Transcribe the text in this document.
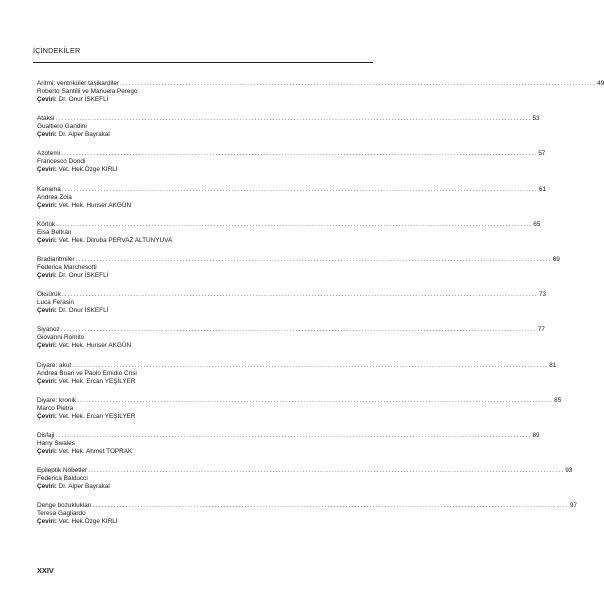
İÇİNDEKİLER
Aritmi: ventriküler taşikardiler ................................................................................................................................................................ 49
Roberto Santilli ve Manuela Perego
Çeviri: Dr. Onur İSKEFLİ
Ataksi ................................................................................................................................................................ 53
Gualtiero Gandini
Çeviri: Dr. Alper Bayrakal
Azotemi ................................................................................................................................................................ 57
Francesco Dondi
Çeviri: Vet. Hek.Özge KIRLI
Kanama ................................................................................................................................................................ 61
Andrea Zoia
Çeviri: Vet. Hek. Huriser AKGÜN
Körlük ................................................................................................................................................................ 65
Elsa Beltrán
Çeviri: Vet. Hek. Dilruba PERVAZ ALTUNYUVA
Bradiaritmiler ................................................................................................................................................................ 69
Federica Marchesotti
Çeviri: Dr. Onur İSKEFLİ
Öksürük ................................................................................................................................................................ 73
Luca Ferasin
Çeviri: Dr. Onur İSKEFLİ
Siyanoz ................................................................................................................................................................ 77
Giovanni Romito
Çeviri: Vet. Hek. Huriser AKGÜN
Diyare: akut ................................................................................................................................................................ 81
Andrea Boari ve Paolo Emidio Crisi
Çeviri: Vet. Hek. Ercan YEŞİLYER
Diyare: kronik ................................................................................................................................................................ 85
Marco Pietra
Çeviri: Vet. Hek. Ercan YEŞİLYER
Disfaji ................................................................................................................................................................ 89
Harry Swales
Çeviri: Vet. Hek. Ahmet TOPRAK
Epileptik Nöbetler ................................................................................................................................................................ 93
Federica Balducci
Çeviri: Dr. Alper Bayrakal
Denge bozuklukları ................................................................................................................................................................ 97
Teresa Gagliardo
Çeviri: Vet. Hek.Özge KIRLI
XXIV
